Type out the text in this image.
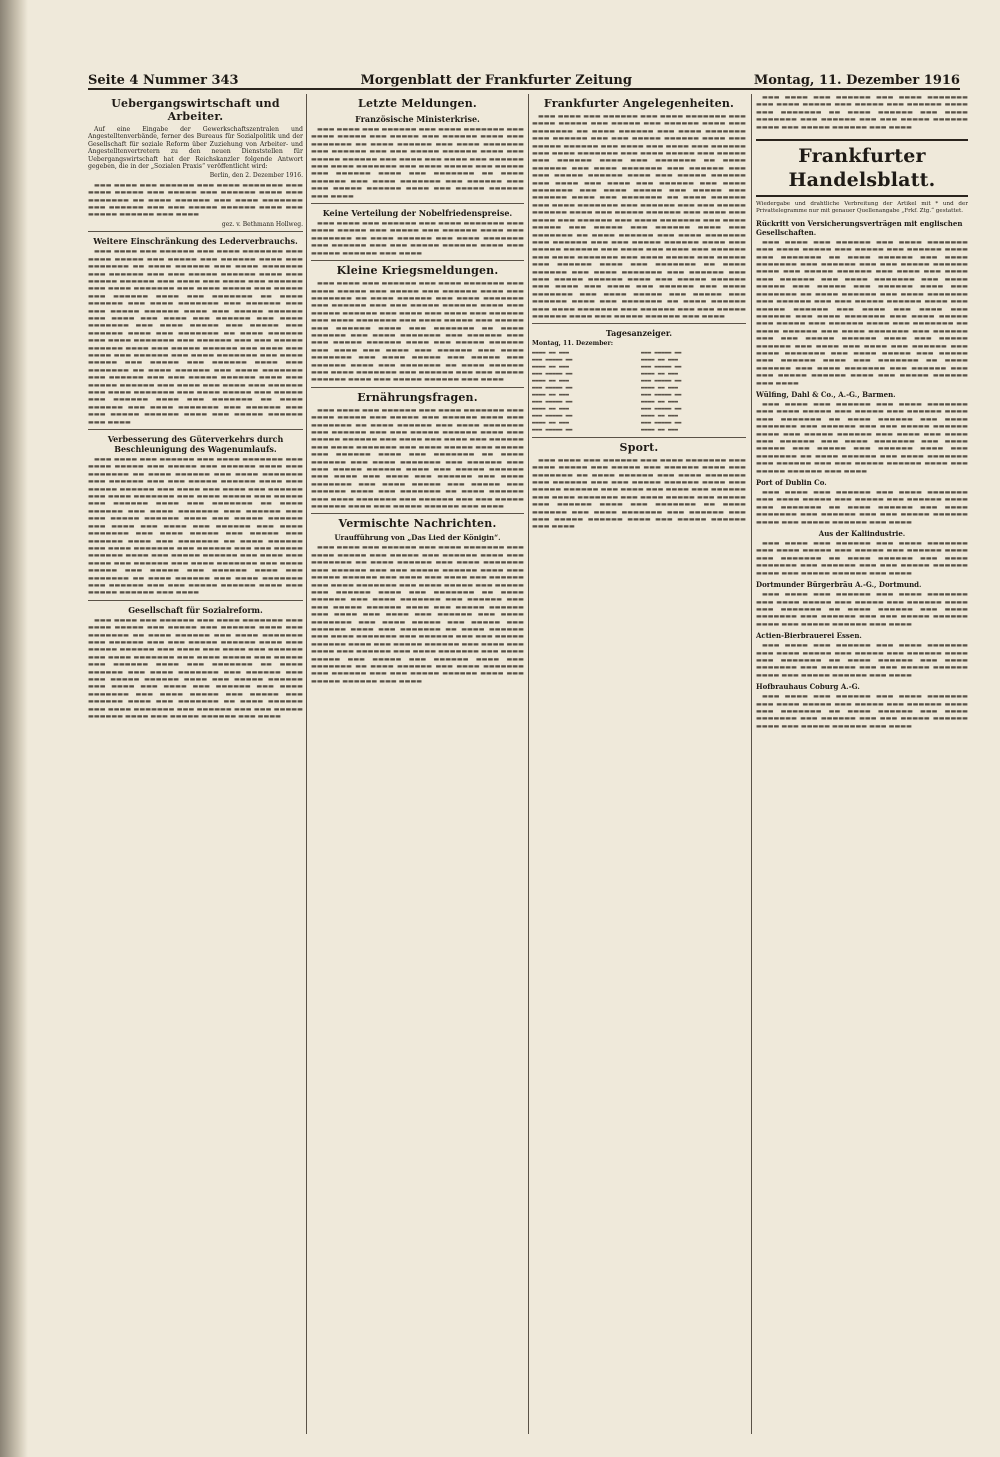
Seite 4 Nummer 343	Morgenblatt der Frankfurter Zeitung	Montag, 11. Dezember 1916
Uebergangswirtschaft und Arbeiter.

Auf eine Eingabe der Gewerkschaftszentralen und Angestelltenverbände, ferner des Bureaus für Sozialpolitik und der Gesellschaft für soziale Reform über Zuziehung von Arbeiter- und Angestelltenvertretern zu den neuen Dienststellen für Uebergangswirtschaft hat der Reichskanzler folgende Antwort gegeben, die in der „Sozialen Praxis“ veröffentlicht wird:

Berlin, den 2. Dezember 1916.

▬▬▬ ▬▬▬▬ ▬▬▬ ▬▬▬▬▬▬ ▬▬▬ ▬▬▬▬ ▬▬▬▬▬▬▬ ▬▬▬ ▬▬▬▬ ▬▬▬▬▬ ▬▬▬ ▬▬▬▬▬ ▬▬▬ ▬▬▬▬▬▬ ▬▬▬▬ ▬▬▬ ▬▬▬▬▬▬▬ ▬▬ ▬▬▬▬ ▬▬▬▬▬▬ ▬▬▬ ▬▬▬▬ ▬▬▬▬▬▬▬ ▬▬▬ ▬▬▬▬▬▬ ▬▬▬ ▬▬▬ ▬▬▬▬▬ ▬▬▬▬▬▬ ▬▬▬▬ ▬▬▬ ▬▬▬▬▬ ▬▬▬▬▬▬ ▬▬▬ ▬▬▬▬

gez. v. Bethmann Hollweg.

Weitere Einschränkung des Lederverbrauchs.

▬▬▬ ▬▬▬▬ ▬▬▬ ▬▬▬▬▬▬ ▬▬▬ ▬▬▬▬ ▬▬▬▬▬▬▬ ▬▬▬ ▬▬▬▬ ▬▬▬▬▬ ▬▬▬ ▬▬▬▬▬ ▬▬▬ ▬▬▬▬▬▬ ▬▬▬▬ ▬▬▬ ▬▬▬▬▬▬▬ ▬▬ ▬▬▬▬ ▬▬▬▬▬▬ ▬▬▬ ▬▬▬▬ ▬▬▬▬▬▬▬ ▬▬▬ ▬▬▬▬▬▬ ▬▬▬ ▬▬▬ ▬▬▬▬▬ ▬▬▬▬▬▬ ▬▬▬▬ ▬▬▬ ▬▬▬▬▬ ▬▬▬▬▬▬ ▬▬▬ ▬▬▬▬ ▬▬▬ ▬▬▬▬ ▬▬▬ ▬▬▬▬▬▬ ▬▬▬ ▬▬▬▬ ▬▬▬▬▬▬▬ ▬▬▬ ▬▬▬▬ ▬▬▬▬▬ ▬▬▬ ▬▬▬▬▬ ▬▬▬ ▬▬▬▬▬▬ ▬▬▬▬ ▬▬▬ ▬▬▬▬▬▬▬ ▬▬ ▬▬▬▬ ▬▬▬▬▬▬ ▬▬▬ ▬▬▬▬ ▬▬▬▬▬▬▬ ▬▬▬ ▬▬▬▬▬▬ ▬▬▬ ▬▬▬ ▬▬▬▬▬ ▬▬▬▬▬▬ ▬▬▬▬ ▬▬▬ ▬▬▬▬▬ ▬▬▬▬▬▬ ▬▬▬ ▬▬▬▬ ▬▬▬ ▬▬▬▬ ▬▬▬ ▬▬▬▬▬▬ ▬▬▬ ▬▬▬▬ ▬▬▬▬▬▬▬ ▬▬▬ ▬▬▬▬ ▬▬▬▬▬ ▬▬▬ ▬▬▬▬▬ ▬▬▬ ▬▬▬▬▬▬ ▬▬▬▬ ▬▬▬ ▬▬▬▬▬▬▬ ▬▬ ▬▬▬▬ ▬▬▬▬▬▬ ▬▬▬ ▬▬▬▬ ▬▬▬▬▬▬▬ ▬▬▬ ▬▬▬▬▬▬ ▬▬▬ ▬▬▬ ▬▬▬▬▬ ▬▬▬▬▬▬ ▬▬▬▬ ▬▬▬ ▬▬▬▬▬ ▬▬▬▬▬▬ ▬▬▬ ▬▬▬▬ ▬▬▬ ▬▬▬▬ ▬▬▬ ▬▬▬▬▬▬ ▬▬▬ ▬▬▬▬ ▬▬▬▬▬▬▬ ▬▬▬ ▬▬▬▬ ▬▬▬▬▬ ▬▬▬ ▬▬▬▬▬ ▬▬▬ ▬▬▬▬▬▬ ▬▬▬▬ ▬▬▬ ▬▬▬▬▬▬▬ ▬▬ ▬▬▬▬ ▬▬▬▬▬▬ ▬▬▬ ▬▬▬▬ ▬▬▬▬▬▬▬ ▬▬▬ ▬▬▬▬▬▬ ▬▬▬ ▬▬▬ ▬▬▬▬▬ ▬▬▬▬▬▬ ▬▬▬▬ ▬▬▬ ▬▬▬▬▬ ▬▬▬▬▬▬ ▬▬▬ ▬▬▬▬ ▬▬▬ ▬▬▬▬ ▬▬▬ ▬▬▬▬▬▬ ▬▬▬ ▬▬▬▬ ▬▬▬▬▬▬▬ ▬▬▬ ▬▬▬▬ ▬▬▬▬▬ ▬▬▬ ▬▬▬▬▬ ▬▬▬ ▬▬▬▬▬▬ ▬▬▬▬ ▬▬▬ ▬▬▬▬▬▬▬ ▬▬ ▬▬▬▬ ▬▬▬▬▬▬ ▬▬▬ ▬▬▬▬ ▬▬▬▬▬▬▬ ▬▬▬ ▬▬▬▬▬▬ ▬▬▬ ▬▬▬ ▬▬▬▬▬ ▬▬▬▬▬▬ ▬▬▬▬ ▬▬▬ ▬▬▬▬▬ ▬▬▬▬▬▬ ▬▬▬ ▬▬▬▬

Verbesserung des Güterverkehrs durch Beschleunigung des Wagenumlaufs.

▬▬▬ ▬▬▬▬ ▬▬▬ ▬▬▬▬▬▬ ▬▬▬ ▬▬▬▬ ▬▬▬▬▬▬▬ ▬▬▬ ▬▬▬▬ ▬▬▬▬▬ ▬▬▬ ▬▬▬▬▬ ▬▬▬ ▬▬▬▬▬▬ ▬▬▬▬ ▬▬▬ ▬▬▬▬▬▬▬ ▬▬ ▬▬▬▬ ▬▬▬▬▬▬ ▬▬▬ ▬▬▬▬ ▬▬▬▬▬▬▬ ▬▬▬ ▬▬▬▬▬▬ ▬▬▬ ▬▬▬ ▬▬▬▬▬ ▬▬▬▬▬▬ ▬▬▬▬ ▬▬▬ ▬▬▬▬▬ ▬▬▬▬▬▬ ▬▬▬ ▬▬▬▬ ▬▬▬ ▬▬▬▬ ▬▬▬ ▬▬▬▬▬▬ ▬▬▬ ▬▬▬▬ ▬▬▬▬▬▬▬ ▬▬▬ ▬▬▬▬ ▬▬▬▬▬ ▬▬▬ ▬▬▬▬▬ ▬▬▬ ▬▬▬▬▬▬ ▬▬▬▬ ▬▬▬ ▬▬▬▬▬▬▬ ▬▬ ▬▬▬▬ ▬▬▬▬▬▬ ▬▬▬ ▬▬▬▬ ▬▬▬▬▬▬▬ ▬▬▬ ▬▬▬▬▬▬ ▬▬▬ ▬▬▬ ▬▬▬▬▬ ▬▬▬▬▬▬ ▬▬▬▬ ▬▬▬ ▬▬▬▬▬ ▬▬▬▬▬▬ ▬▬▬ ▬▬▬▬ ▬▬▬ ▬▬▬▬ ▬▬▬ ▬▬▬▬▬▬ ▬▬▬ ▬▬▬▬ ▬▬▬▬▬▬▬ ▬▬▬ ▬▬▬▬ ▬▬▬▬▬ ▬▬▬ ▬▬▬▬▬ ▬▬▬ ▬▬▬▬▬▬ ▬▬▬▬ ▬▬▬ ▬▬▬▬▬▬▬ ▬▬ ▬▬▬▬ ▬▬▬▬▬▬ ▬▬▬ ▬▬▬▬ ▬▬▬▬▬▬▬ ▬▬▬ ▬▬▬▬▬▬ ▬▬▬ ▬▬▬ ▬▬▬▬▬ ▬▬▬▬▬▬ ▬▬▬▬ ▬▬▬ ▬▬▬▬▬ ▬▬▬▬▬▬ ▬▬▬ ▬▬▬▬ ▬▬▬ ▬▬▬▬ ▬▬▬ ▬▬▬▬▬▬ ▬▬▬ ▬▬▬▬ ▬▬▬▬▬▬▬ ▬▬▬ ▬▬▬▬ ▬▬▬▬▬ ▬▬▬ ▬▬▬▬▬ ▬▬▬ ▬▬▬▬▬▬ ▬▬▬▬ ▬▬▬ ▬▬▬▬▬▬▬ ▬▬ ▬▬▬▬ ▬▬▬▬▬▬ ▬▬▬ ▬▬▬▬ ▬▬▬▬▬▬▬ ▬▬▬ ▬▬▬▬▬▬ ▬▬▬ ▬▬▬ ▬▬▬▬▬ ▬▬▬▬▬▬ ▬▬▬▬ ▬▬▬ ▬▬▬▬▬ ▬▬▬▬▬▬ ▬▬▬ ▬▬▬▬

Gesellschaft für Sozialreform.

▬▬▬ ▬▬▬▬ ▬▬▬ ▬▬▬▬▬▬ ▬▬▬ ▬▬▬▬ ▬▬▬▬▬▬▬ ▬▬▬ ▬▬▬▬ ▬▬▬▬▬ ▬▬▬ ▬▬▬▬▬ ▬▬▬ ▬▬▬▬▬▬ ▬▬▬▬ ▬▬▬ ▬▬▬▬▬▬▬ ▬▬ ▬▬▬▬ ▬▬▬▬▬▬ ▬▬▬ ▬▬▬▬ ▬▬▬▬▬▬▬ ▬▬▬ ▬▬▬▬▬▬ ▬▬▬ ▬▬▬ ▬▬▬▬▬ ▬▬▬▬▬▬ ▬▬▬▬ ▬▬▬ ▬▬▬▬▬ ▬▬▬▬▬▬ ▬▬▬ ▬▬▬▬ ▬▬▬ ▬▬▬▬ ▬▬▬ ▬▬▬▬▬▬ ▬▬▬ ▬▬▬▬ ▬▬▬▬▬▬▬ ▬▬▬ ▬▬▬▬ ▬▬▬▬▬ ▬▬▬ ▬▬▬▬▬ ▬▬▬ ▬▬▬▬▬▬ ▬▬▬▬ ▬▬▬ ▬▬▬▬▬▬▬ ▬▬ ▬▬▬▬ ▬▬▬▬▬▬ ▬▬▬ ▬▬▬▬ ▬▬▬▬▬▬▬ ▬▬▬ ▬▬▬▬▬▬ ▬▬▬ ▬▬▬ ▬▬▬▬▬ ▬▬▬▬▬▬ ▬▬▬▬ ▬▬▬ ▬▬▬▬▬ ▬▬▬▬▬▬ ▬▬▬ ▬▬▬▬ ▬▬▬ ▬▬▬▬ ▬▬▬ ▬▬▬▬▬▬ ▬▬▬ ▬▬▬▬ ▬▬▬▬▬▬▬ ▬▬▬ ▬▬▬▬ ▬▬▬▬▬ ▬▬▬ ▬▬▬▬▬ ▬▬▬ ▬▬▬▬▬▬ ▬▬▬▬ ▬▬▬ ▬▬▬▬▬▬▬ ▬▬ ▬▬▬▬ ▬▬▬▬▬▬ ▬▬▬ ▬▬▬▬ ▬▬▬▬▬▬▬ ▬▬▬ ▬▬▬▬▬▬ ▬▬▬ ▬▬▬ ▬▬▬▬▬ ▬▬▬▬▬▬ ▬▬▬▬ ▬▬▬ ▬▬▬▬▬ ▬▬▬▬▬▬ ▬▬▬ ▬▬▬▬

Letzte Meldungen.
Französische Ministerkrise.

▬▬▬ ▬▬▬▬ ▬▬▬ ▬▬▬▬▬▬ ▬▬▬ ▬▬▬▬ ▬▬▬▬▬▬▬ ▬▬▬ ▬▬▬▬ ▬▬▬▬▬ ▬▬▬ ▬▬▬▬▬ ▬▬▬ ▬▬▬▬▬▬ ▬▬▬▬ ▬▬▬ ▬▬▬▬▬▬▬ ▬▬ ▬▬▬▬ ▬▬▬▬▬▬ ▬▬▬ ▬▬▬▬ ▬▬▬▬▬▬▬ ▬▬▬ ▬▬▬▬▬▬ ▬▬▬ ▬▬▬ ▬▬▬▬▬ ▬▬▬▬▬▬ ▬▬▬▬ ▬▬▬ ▬▬▬▬▬ ▬▬▬▬▬▬ ▬▬▬ ▬▬▬▬ ▬▬▬ ▬▬▬▬ ▬▬▬ ▬▬▬▬▬▬ ▬▬▬ ▬▬▬▬ ▬▬▬▬▬▬▬ ▬▬▬ ▬▬▬▬ ▬▬▬▬▬ ▬▬▬ ▬▬▬▬▬ ▬▬▬ ▬▬▬▬▬▬ ▬▬▬▬ ▬▬▬ ▬▬▬▬▬▬▬ ▬▬ ▬▬▬▬ ▬▬▬▬▬▬ ▬▬▬ ▬▬▬▬ ▬▬▬▬▬▬▬ ▬▬▬ ▬▬▬▬▬▬ ▬▬▬ ▬▬▬ ▬▬▬▬▬ ▬▬▬▬▬▬ ▬▬▬▬ ▬▬▬ ▬▬▬▬▬ ▬▬▬▬▬▬ ▬▬▬ ▬▬▬▬

Keine Verteilung der Nobelfriedenspreise.

▬▬▬ ▬▬▬▬ ▬▬▬ ▬▬▬▬▬▬ ▬▬▬ ▬▬▬▬ ▬▬▬▬▬▬▬ ▬▬▬ ▬▬▬▬ ▬▬▬▬▬ ▬▬▬ ▬▬▬▬▬ ▬▬▬ ▬▬▬▬▬▬ ▬▬▬▬ ▬▬▬ ▬▬▬▬▬▬▬ ▬▬ ▬▬▬▬ ▬▬▬▬▬▬ ▬▬▬ ▬▬▬▬ ▬▬▬▬▬▬▬ ▬▬▬ ▬▬▬▬▬▬ ▬▬▬ ▬▬▬ ▬▬▬▬▬ ▬▬▬▬▬▬ ▬▬▬▬ ▬▬▬ ▬▬▬▬▬ ▬▬▬▬▬▬ ▬▬▬ ▬▬▬▬

Kleine Kriegsmeldungen.

▬▬▬ ▬▬▬▬ ▬▬▬ ▬▬▬▬▬▬ ▬▬▬ ▬▬▬▬ ▬▬▬▬▬▬▬ ▬▬▬ ▬▬▬▬ ▬▬▬▬▬ ▬▬▬ ▬▬▬▬▬ ▬▬▬ ▬▬▬▬▬▬ ▬▬▬▬ ▬▬▬ ▬▬▬▬▬▬▬ ▬▬ ▬▬▬▬ ▬▬▬▬▬▬ ▬▬▬ ▬▬▬▬ ▬▬▬▬▬▬▬ ▬▬▬ ▬▬▬▬▬▬ ▬▬▬ ▬▬▬ ▬▬▬▬▬ ▬▬▬▬▬▬ ▬▬▬▬ ▬▬▬ ▬▬▬▬▬ ▬▬▬▬▬▬ ▬▬▬ ▬▬▬▬ ▬▬▬ ▬▬▬▬ ▬▬▬ ▬▬▬▬▬▬ ▬▬▬ ▬▬▬▬ ▬▬▬▬▬▬▬ ▬▬▬ ▬▬▬▬ ▬▬▬▬▬ ▬▬▬ ▬▬▬▬▬ ▬▬▬ ▬▬▬▬▬▬ ▬▬▬▬ ▬▬▬ ▬▬▬▬▬▬▬ ▬▬ ▬▬▬▬ ▬▬▬▬▬▬ ▬▬▬ ▬▬▬▬ ▬▬▬▬▬▬▬ ▬▬▬ ▬▬▬▬▬▬ ▬▬▬ ▬▬▬ ▬▬▬▬▬ ▬▬▬▬▬▬ ▬▬▬▬ ▬▬▬ ▬▬▬▬▬ ▬▬▬▬▬▬ ▬▬▬ ▬▬▬▬ ▬▬▬ ▬▬▬▬ ▬▬▬ ▬▬▬▬▬▬ ▬▬▬ ▬▬▬▬ ▬▬▬▬▬▬▬ ▬▬▬ ▬▬▬▬ ▬▬▬▬▬ ▬▬▬ ▬▬▬▬▬ ▬▬▬ ▬▬▬▬▬▬ ▬▬▬▬ ▬▬▬ ▬▬▬▬▬▬▬ ▬▬ ▬▬▬▬ ▬▬▬▬▬▬ ▬▬▬ ▬▬▬▬ ▬▬▬▬▬▬▬ ▬▬▬ ▬▬▬▬▬▬ ▬▬▬ ▬▬▬ ▬▬▬▬▬ ▬▬▬▬▬▬ ▬▬▬▬ ▬▬▬ ▬▬▬▬▬ ▬▬▬▬▬▬ ▬▬▬ ▬▬▬▬

Ernährungsfragen.

▬▬▬ ▬▬▬▬ ▬▬▬ ▬▬▬▬▬▬ ▬▬▬ ▬▬▬▬ ▬▬▬▬▬▬▬ ▬▬▬ ▬▬▬▬ ▬▬▬▬▬ ▬▬▬ ▬▬▬▬▬ ▬▬▬ ▬▬▬▬▬▬ ▬▬▬▬ ▬▬▬ ▬▬▬▬▬▬▬ ▬▬ ▬▬▬▬ ▬▬▬▬▬▬ ▬▬▬ ▬▬▬▬ ▬▬▬▬▬▬▬ ▬▬▬ ▬▬▬▬▬▬ ▬▬▬ ▬▬▬ ▬▬▬▬▬ ▬▬▬▬▬▬ ▬▬▬▬ ▬▬▬ ▬▬▬▬▬ ▬▬▬▬▬▬ ▬▬▬ ▬▬▬▬ ▬▬▬ ▬▬▬▬ ▬▬▬ ▬▬▬▬▬▬ ▬▬▬ ▬▬▬▬ ▬▬▬▬▬▬▬ ▬▬▬ ▬▬▬▬ ▬▬▬▬▬ ▬▬▬ ▬▬▬▬▬ ▬▬▬ ▬▬▬▬▬▬ ▬▬▬▬ ▬▬▬ ▬▬▬▬▬▬▬ ▬▬ ▬▬▬▬ ▬▬▬▬▬▬ ▬▬▬ ▬▬▬▬ ▬▬▬▬▬▬▬ ▬▬▬ ▬▬▬▬▬▬ ▬▬▬ ▬▬▬ ▬▬▬▬▬ ▬▬▬▬▬▬ ▬▬▬▬ ▬▬▬ ▬▬▬▬▬ ▬▬▬▬▬▬ ▬▬▬ ▬▬▬▬ ▬▬▬ ▬▬▬▬ ▬▬▬ ▬▬▬▬▬▬ ▬▬▬ ▬▬▬▬ ▬▬▬▬▬▬▬ ▬▬▬ ▬▬▬▬ ▬▬▬▬▬ ▬▬▬ ▬▬▬▬▬ ▬▬▬ ▬▬▬▬▬▬ ▬▬▬▬ ▬▬▬ ▬▬▬▬▬▬▬ ▬▬ ▬▬▬▬ ▬▬▬▬▬▬ ▬▬▬ ▬▬▬▬ ▬▬▬▬▬▬▬ ▬▬▬ ▬▬▬▬▬▬ ▬▬▬ ▬▬▬ ▬▬▬▬▬ ▬▬▬▬▬▬ ▬▬▬▬ ▬▬▬ ▬▬▬▬▬ ▬▬▬▬▬▬ ▬▬▬ ▬▬▬▬

Vermischte Nachrichten.
Uraufführung von „Das Lied der Königin“.

▬▬▬ ▬▬▬▬ ▬▬▬ ▬▬▬▬▬▬ ▬▬▬ ▬▬▬▬ ▬▬▬▬▬▬▬ ▬▬▬ ▬▬▬▬ ▬▬▬▬▬ ▬▬▬ ▬▬▬▬▬ ▬▬▬ ▬▬▬▬▬▬ ▬▬▬▬ ▬▬▬ ▬▬▬▬▬▬▬ ▬▬ ▬▬▬▬ ▬▬▬▬▬▬ ▬▬▬ ▬▬▬▬ ▬▬▬▬▬▬▬ ▬▬▬ ▬▬▬▬▬▬ ▬▬▬ ▬▬▬ ▬▬▬▬▬ ▬▬▬▬▬▬ ▬▬▬▬ ▬▬▬ ▬▬▬▬▬ ▬▬▬▬▬▬ ▬▬▬ ▬▬▬▬ ▬▬▬ ▬▬▬▬ ▬▬▬ ▬▬▬▬▬▬ ▬▬▬ ▬▬▬▬ ▬▬▬▬▬▬▬ ▬▬▬ ▬▬▬▬ ▬▬▬▬▬ ▬▬▬ ▬▬▬▬▬ ▬▬▬ ▬▬▬▬▬▬ ▬▬▬▬ ▬▬▬ ▬▬▬▬▬▬▬ ▬▬ ▬▬▬▬ ▬▬▬▬▬▬ ▬▬▬ ▬▬▬▬ ▬▬▬▬▬▬▬ ▬▬▬ ▬▬▬▬▬▬ ▬▬▬ ▬▬▬ ▬▬▬▬▬ ▬▬▬▬▬▬ ▬▬▬▬ ▬▬▬ ▬▬▬▬▬ ▬▬▬▬▬▬ ▬▬▬ ▬▬▬▬ ▬▬▬ ▬▬▬▬ ▬▬▬ ▬▬▬▬▬▬ ▬▬▬ ▬▬▬▬ ▬▬▬▬▬▬▬ ▬▬▬ ▬▬▬▬ ▬▬▬▬▬ ▬▬▬ ▬▬▬▬▬ ▬▬▬ ▬▬▬▬▬▬ ▬▬▬▬ ▬▬▬ ▬▬▬▬▬▬▬ ▬▬ ▬▬▬▬ ▬▬▬▬▬▬ ▬▬▬ ▬▬▬▬ ▬▬▬▬▬▬▬ ▬▬▬ ▬▬▬▬▬▬ ▬▬▬ ▬▬▬ ▬▬▬▬▬ ▬▬▬▬▬▬ ▬▬▬▬ ▬▬▬ ▬▬▬▬▬ ▬▬▬▬▬▬ ▬▬▬ ▬▬▬▬ ▬▬▬ ▬▬▬▬ ▬▬▬ ▬▬▬▬▬▬ ▬▬▬ ▬▬▬▬ ▬▬▬▬▬▬▬ ▬▬▬ ▬▬▬▬ ▬▬▬▬▬ ▬▬▬ ▬▬▬▬▬ ▬▬▬ ▬▬▬▬▬▬ ▬▬▬▬ ▬▬▬ ▬▬▬▬▬▬▬ ▬▬ ▬▬▬▬ ▬▬▬▬▬▬ ▬▬▬ ▬▬▬▬ ▬▬▬▬▬▬▬ ▬▬▬ ▬▬▬▬▬▬ ▬▬▬ ▬▬▬ ▬▬▬▬▬ ▬▬▬▬▬▬ ▬▬▬▬ ▬▬▬ ▬▬▬▬▬ ▬▬▬▬▬▬ ▬▬▬ ▬▬▬▬

Frankfurter Angelegenheiten.

▬▬▬ ▬▬▬▬ ▬▬▬ ▬▬▬▬▬▬ ▬▬▬ ▬▬▬▬ ▬▬▬▬▬▬▬ ▬▬▬ ▬▬▬▬ ▬▬▬▬▬ ▬▬▬ ▬▬▬▬▬ ▬▬▬ ▬▬▬▬▬▬ ▬▬▬▬ ▬▬▬ ▬▬▬▬▬▬▬ ▬▬ ▬▬▬▬ ▬▬▬▬▬▬ ▬▬▬ ▬▬▬▬ ▬▬▬▬▬▬▬ ▬▬▬ ▬▬▬▬▬▬ ▬▬▬ ▬▬▬ ▬▬▬▬▬ ▬▬▬▬▬▬ ▬▬▬▬ ▬▬▬ ▬▬▬▬▬ ▬▬▬▬▬▬ ▬▬▬ ▬▬▬▬ ▬▬▬ ▬▬▬▬ ▬▬▬ ▬▬▬▬▬▬ ▬▬▬ ▬▬▬▬ ▬▬▬▬▬▬▬ ▬▬▬ ▬▬▬▬ ▬▬▬▬▬ ▬▬▬ ▬▬▬▬▬ ▬▬▬ ▬▬▬▬▬▬ ▬▬▬▬ ▬▬▬ ▬▬▬▬▬▬▬ ▬▬ ▬▬▬▬ ▬▬▬▬▬▬ ▬▬▬ ▬▬▬▬ ▬▬▬▬▬▬▬ ▬▬▬ ▬▬▬▬▬▬ ▬▬▬ ▬▬▬ ▬▬▬▬▬ ▬▬▬▬▬▬ ▬▬▬▬ ▬▬▬ ▬▬▬▬▬ ▬▬▬▬▬▬ ▬▬▬ ▬▬▬▬ ▬▬▬ ▬▬▬▬ ▬▬▬ ▬▬▬▬▬▬ ▬▬▬ ▬▬▬▬ ▬▬▬▬▬▬▬ ▬▬▬ ▬▬▬▬ ▬▬▬▬▬ ▬▬▬ ▬▬▬▬▬ ▬▬▬ ▬▬▬▬▬▬ ▬▬▬▬ ▬▬▬ ▬▬▬▬▬▬▬ ▬▬ ▬▬▬▬ ▬▬▬▬▬▬ ▬▬▬ ▬▬▬▬ ▬▬▬▬▬▬▬ ▬▬▬ ▬▬▬▬▬▬ ▬▬▬ ▬▬▬ ▬▬▬▬▬ ▬▬▬▬▬▬ ▬▬▬▬ ▬▬▬ ▬▬▬▬▬ ▬▬▬▬▬▬ ▬▬▬ ▬▬▬▬ ▬▬▬ ▬▬▬▬ ▬▬▬ ▬▬▬▬▬▬ ▬▬▬ ▬▬▬▬ ▬▬▬▬▬▬▬ ▬▬▬ ▬▬▬▬ ▬▬▬▬▬ ▬▬▬ ▬▬▬▬▬ ▬▬▬ ▬▬▬▬▬▬ ▬▬▬▬ ▬▬▬ ▬▬▬▬▬▬▬ ▬▬ ▬▬▬▬ ▬▬▬▬▬▬ ▬▬▬ ▬▬▬▬ ▬▬▬▬▬▬▬ ▬▬▬ ▬▬▬▬▬▬ ▬▬▬ ▬▬▬ ▬▬▬▬▬ ▬▬▬▬▬▬ ▬▬▬▬ ▬▬▬ ▬▬▬▬▬ ▬▬▬▬▬▬ ▬▬▬ ▬▬▬▬ ▬▬▬ ▬▬▬▬ ▬▬▬ ▬▬▬▬▬▬ ▬▬▬ ▬▬▬▬ ▬▬▬▬▬▬▬ ▬▬▬ ▬▬▬▬ ▬▬▬▬▬ ▬▬▬ ▬▬▬▬▬ ▬▬▬ ▬▬▬▬▬▬ ▬▬▬▬ ▬▬▬ ▬▬▬▬▬▬▬ ▬▬ ▬▬▬▬ ▬▬▬▬▬▬ ▬▬▬ ▬▬▬▬ ▬▬▬▬▬▬▬ ▬▬▬ ▬▬▬▬▬▬ ▬▬▬ ▬▬▬ ▬▬▬▬▬ ▬▬▬▬▬▬ ▬▬▬▬ ▬▬▬ ▬▬▬▬▬ ▬▬▬▬▬▬ ▬▬▬ ▬▬▬▬ ▬▬▬ ▬▬▬▬ ▬▬▬ ▬▬▬▬▬▬ ▬▬▬ ▬▬▬▬ ▬▬▬▬▬▬▬ ▬▬▬ ▬▬▬▬ ▬▬▬▬▬ ▬▬▬ ▬▬▬▬▬ ▬▬▬ ▬▬▬▬▬▬ ▬▬▬▬ ▬▬▬ ▬▬▬▬▬▬▬ ▬▬ ▬▬▬▬ ▬▬▬▬▬▬ ▬▬▬ ▬▬▬▬ ▬▬▬▬▬▬▬ ▬▬▬ ▬▬▬▬▬▬ ▬▬▬ ▬▬▬ ▬▬▬▬▬ ▬▬▬▬▬▬ ▬▬▬▬ ▬▬▬ ▬▬▬▬▬ ▬▬▬▬▬▬ ▬▬▬ ▬▬▬▬

Tagesanzeiger.

Montag, 11. Dezember:

▬▬▬▬ ▬▬ ▬▬▬
▬▬▬ ▬▬▬▬▬ ▬▬
▬▬▬▬ ▬▬ ▬▬▬
▬▬▬ ▬▬▬▬▬ ▬▬
▬▬▬▬ ▬▬ ▬▬▬
▬▬▬ ▬▬▬▬▬ ▬▬
▬▬▬▬ ▬▬ ▬▬▬
▬▬▬ ▬▬▬▬▬ ▬▬
▬▬▬▬ ▬▬ ▬▬▬
▬▬▬ ▬▬▬▬▬ ▬▬
▬▬▬▬ ▬▬ ▬▬▬
▬▬▬ ▬▬▬▬▬ ▬▬
▬▬▬ ▬▬▬▬▬ ▬▬
▬▬▬▬ ▬▬ ▬▬▬
▬▬▬ ▬▬▬▬▬ ▬▬
▬▬▬▬ ▬▬ ▬▬▬
▬▬▬ ▬▬▬▬▬ ▬▬
▬▬▬▬ ▬▬ ▬▬▬
▬▬▬ ▬▬▬▬▬ ▬▬
▬▬▬▬ ▬▬ ▬▬▬
▬▬▬ ▬▬▬▬▬ ▬▬
▬▬▬▬ ▬▬ ▬▬▬
▬▬▬ ▬▬▬▬▬ ▬▬
▬▬▬▬ ▬▬ ▬▬▬
Sport.

▬▬▬ ▬▬▬▬ ▬▬▬ ▬▬▬▬▬▬ ▬▬▬ ▬▬▬▬ ▬▬▬▬▬▬▬ ▬▬▬ ▬▬▬▬ ▬▬▬▬▬ ▬▬▬ ▬▬▬▬▬ ▬▬▬ ▬▬▬▬▬▬ ▬▬▬▬ ▬▬▬ ▬▬▬▬▬▬▬ ▬▬ ▬▬▬▬ ▬▬▬▬▬▬ ▬▬▬ ▬▬▬▬ ▬▬▬▬▬▬▬ ▬▬▬ ▬▬▬▬▬▬ ▬▬▬ ▬▬▬ ▬▬▬▬▬ ▬▬▬▬▬▬ ▬▬▬▬ ▬▬▬ ▬▬▬▬▬ ▬▬▬▬▬▬ ▬▬▬ ▬▬▬▬ ▬▬▬ ▬▬▬▬ ▬▬▬ ▬▬▬▬▬▬ ▬▬▬ ▬▬▬▬ ▬▬▬▬▬▬▬ ▬▬▬ ▬▬▬▬ ▬▬▬▬▬ ▬▬▬ ▬▬▬▬▬ ▬▬▬ ▬▬▬▬▬▬ ▬▬▬▬ ▬▬▬ ▬▬▬▬▬▬▬ ▬▬ ▬▬▬▬ ▬▬▬▬▬▬ ▬▬▬ ▬▬▬▬ ▬▬▬▬▬▬▬ ▬▬▬ ▬▬▬▬▬▬ ▬▬▬ ▬▬▬ ▬▬▬▬▬ ▬▬▬▬▬▬ ▬▬▬▬ ▬▬▬ ▬▬▬▬▬ ▬▬▬▬▬▬ ▬▬▬ ▬▬▬▬

▬▬▬ ▬▬▬▬ ▬▬▬ ▬▬▬▬▬▬ ▬▬▬ ▬▬▬▬ ▬▬▬▬▬▬▬ ▬▬▬ ▬▬▬▬ ▬▬▬▬▬ ▬▬▬ ▬▬▬▬▬ ▬▬▬ ▬▬▬▬▬▬ ▬▬▬▬ ▬▬▬ ▬▬▬▬▬▬▬ ▬▬ ▬▬▬▬ ▬▬▬▬▬▬ ▬▬▬ ▬▬▬▬ ▬▬▬▬▬▬▬ ▬▬▬ ▬▬▬▬▬▬ ▬▬▬ ▬▬▬ ▬▬▬▬▬ ▬▬▬▬▬▬ ▬▬▬▬ ▬▬▬ ▬▬▬▬▬ ▬▬▬▬▬▬ ▬▬▬ ▬▬▬▬

Frankfurter Handelsblatt.

Wiedergabe und drahtliche Verbreitung der Artikel mit * und der Privattelegramme nur mit genauer Quellenangabe „Frkf. Ztg.“ gestattet.

Rückritt von Versicherungsverträgen mit englischen Gesellschaften.

▬▬▬ ▬▬▬▬ ▬▬▬ ▬▬▬▬▬▬ ▬▬▬ ▬▬▬▬ ▬▬▬▬▬▬▬ ▬▬▬ ▬▬▬▬ ▬▬▬▬▬ ▬▬▬ ▬▬▬▬▬ ▬▬▬ ▬▬▬▬▬▬ ▬▬▬▬ ▬▬▬ ▬▬▬▬▬▬▬ ▬▬ ▬▬▬▬ ▬▬▬▬▬▬ ▬▬▬ ▬▬▬▬ ▬▬▬▬▬▬▬ ▬▬▬ ▬▬▬▬▬▬ ▬▬▬ ▬▬▬ ▬▬▬▬▬ ▬▬▬▬▬▬ ▬▬▬▬ ▬▬▬ ▬▬▬▬▬ ▬▬▬▬▬▬ ▬▬▬ ▬▬▬▬ ▬▬▬ ▬▬▬▬ ▬▬▬ ▬▬▬▬▬▬ ▬▬▬ ▬▬▬▬ ▬▬▬▬▬▬▬ ▬▬▬ ▬▬▬▬ ▬▬▬▬▬ ▬▬▬ ▬▬▬▬▬ ▬▬▬ ▬▬▬▬▬▬ ▬▬▬▬ ▬▬▬ ▬▬▬▬▬▬▬ ▬▬ ▬▬▬▬ ▬▬▬▬▬▬ ▬▬▬ ▬▬▬▬ ▬▬▬▬▬▬▬ ▬▬▬ ▬▬▬▬▬▬ ▬▬▬ ▬▬▬ ▬▬▬▬▬ ▬▬▬▬▬▬ ▬▬▬▬ ▬▬▬ ▬▬▬▬▬ ▬▬▬▬▬▬ ▬▬▬ ▬▬▬▬ ▬▬▬ ▬▬▬▬ ▬▬▬ ▬▬▬▬▬▬ ▬▬▬ ▬▬▬▬ ▬▬▬▬▬▬▬ ▬▬▬ ▬▬▬▬ ▬▬▬▬▬ ▬▬▬ ▬▬▬▬▬ ▬▬▬ ▬▬▬▬▬▬ ▬▬▬▬ ▬▬▬ ▬▬▬▬▬▬▬ ▬▬ ▬▬▬▬ ▬▬▬▬▬▬ ▬▬▬ ▬▬▬▬ ▬▬▬▬▬▬▬ ▬▬▬ ▬▬▬▬▬▬ ▬▬▬ ▬▬▬ ▬▬▬▬▬ ▬▬▬▬▬▬ ▬▬▬▬ ▬▬▬ ▬▬▬▬▬ ▬▬▬▬▬▬ ▬▬▬ ▬▬▬▬ ▬▬▬ ▬▬▬▬ ▬▬▬ ▬▬▬▬▬▬ ▬▬▬ ▬▬▬▬ ▬▬▬▬▬▬▬ ▬▬▬ ▬▬▬▬ ▬▬▬▬▬ ▬▬▬ ▬▬▬▬▬ ▬▬▬ ▬▬▬▬▬▬ ▬▬▬▬ ▬▬▬ ▬▬▬▬▬▬▬ ▬▬ ▬▬▬▬ ▬▬▬▬▬▬ ▬▬▬ ▬▬▬▬ ▬▬▬▬▬▬▬ ▬▬▬ ▬▬▬▬▬▬ ▬▬▬ ▬▬▬ ▬▬▬▬▬ ▬▬▬▬▬▬ ▬▬▬▬ ▬▬▬ ▬▬▬▬▬ ▬▬▬▬▬▬ ▬▬▬ ▬▬▬▬

Wülfing, Dahl & Co., A.-G., Barmen.

▬▬▬ ▬▬▬▬ ▬▬▬ ▬▬▬▬▬▬ ▬▬▬ ▬▬▬▬ ▬▬▬▬▬▬▬ ▬▬▬ ▬▬▬▬ ▬▬▬▬▬ ▬▬▬ ▬▬▬▬▬ ▬▬▬ ▬▬▬▬▬▬ ▬▬▬▬ ▬▬▬ ▬▬▬▬▬▬▬ ▬▬ ▬▬▬▬ ▬▬▬▬▬▬ ▬▬▬ ▬▬▬▬ ▬▬▬▬▬▬▬ ▬▬▬ ▬▬▬▬▬▬ ▬▬▬ ▬▬▬ ▬▬▬▬▬ ▬▬▬▬▬▬ ▬▬▬▬ ▬▬▬ ▬▬▬▬▬ ▬▬▬▬▬▬ ▬▬▬ ▬▬▬▬ ▬▬▬ ▬▬▬▬ ▬▬▬ ▬▬▬▬▬▬ ▬▬▬ ▬▬▬▬ ▬▬▬▬▬▬▬ ▬▬▬ ▬▬▬▬ ▬▬▬▬▬ ▬▬▬ ▬▬▬▬▬ ▬▬▬ ▬▬▬▬▬▬ ▬▬▬▬ ▬▬▬ ▬▬▬▬▬▬▬ ▬▬ ▬▬▬▬ ▬▬▬▬▬▬ ▬▬▬ ▬▬▬▬ ▬▬▬▬▬▬▬ ▬▬▬ ▬▬▬▬▬▬ ▬▬▬ ▬▬▬ ▬▬▬▬▬ ▬▬▬▬▬▬ ▬▬▬▬ ▬▬▬ ▬▬▬▬▬ ▬▬▬▬▬▬ ▬▬▬ ▬▬▬▬

Port of Dublin Co.

▬▬▬ ▬▬▬▬ ▬▬▬ ▬▬▬▬▬▬ ▬▬▬ ▬▬▬▬ ▬▬▬▬▬▬▬ ▬▬▬ ▬▬▬▬ ▬▬▬▬▬ ▬▬▬ ▬▬▬▬▬ ▬▬▬ ▬▬▬▬▬▬ ▬▬▬▬ ▬▬▬ ▬▬▬▬▬▬▬ ▬▬ ▬▬▬▬ ▬▬▬▬▬▬ ▬▬▬ ▬▬▬▬ ▬▬▬▬▬▬▬ ▬▬▬ ▬▬▬▬▬▬ ▬▬▬ ▬▬▬ ▬▬▬▬▬ ▬▬▬▬▬▬ ▬▬▬▬ ▬▬▬ ▬▬▬▬▬ ▬▬▬▬▬▬ ▬▬▬ ▬▬▬▬

Aus der Kaliindustrie.

▬▬▬ ▬▬▬▬ ▬▬▬ ▬▬▬▬▬▬ ▬▬▬ ▬▬▬▬ ▬▬▬▬▬▬▬ ▬▬▬ ▬▬▬▬ ▬▬▬▬▬ ▬▬▬ ▬▬▬▬▬ ▬▬▬ ▬▬▬▬▬▬ ▬▬▬▬ ▬▬▬ ▬▬▬▬▬▬▬ ▬▬ ▬▬▬▬ ▬▬▬▬▬▬ ▬▬▬ ▬▬▬▬ ▬▬▬▬▬▬▬ ▬▬▬ ▬▬▬▬▬▬ ▬▬▬ ▬▬▬ ▬▬▬▬▬ ▬▬▬▬▬▬ ▬▬▬▬ ▬▬▬ ▬▬▬▬▬ ▬▬▬▬▬▬ ▬▬▬ ▬▬▬▬

Dortmunder Bürgerbräu A.-G., Dortmund.

▬▬▬ ▬▬▬▬ ▬▬▬ ▬▬▬▬▬▬ ▬▬▬ ▬▬▬▬ ▬▬▬▬▬▬▬ ▬▬▬ ▬▬▬▬ ▬▬▬▬▬ ▬▬▬ ▬▬▬▬▬ ▬▬▬ ▬▬▬▬▬▬ ▬▬▬▬ ▬▬▬ ▬▬▬▬▬▬▬ ▬▬ ▬▬▬▬ ▬▬▬▬▬▬ ▬▬▬ ▬▬▬▬ ▬▬▬▬▬▬▬ ▬▬▬ ▬▬▬▬▬▬ ▬▬▬ ▬▬▬ ▬▬▬▬▬ ▬▬▬▬▬▬ ▬▬▬▬ ▬▬▬ ▬▬▬▬▬ ▬▬▬▬▬▬ ▬▬▬ ▬▬▬▬

Actien-Bierbrauerei Essen.

▬▬▬ ▬▬▬▬ ▬▬▬ ▬▬▬▬▬▬ ▬▬▬ ▬▬▬▬ ▬▬▬▬▬▬▬ ▬▬▬ ▬▬▬▬ ▬▬▬▬▬ ▬▬▬ ▬▬▬▬▬ ▬▬▬ ▬▬▬▬▬▬ ▬▬▬▬ ▬▬▬ ▬▬▬▬▬▬▬ ▬▬ ▬▬▬▬ ▬▬▬▬▬▬ ▬▬▬ ▬▬▬▬ ▬▬▬▬▬▬▬ ▬▬▬ ▬▬▬▬▬▬ ▬▬▬ ▬▬▬ ▬▬▬▬▬ ▬▬▬▬▬▬ ▬▬▬▬ ▬▬▬ ▬▬▬▬▬ ▬▬▬▬▬▬ ▬▬▬ ▬▬▬▬

Hofbrauhaus Coburg A.-G.

▬▬▬ ▬▬▬▬ ▬▬▬ ▬▬▬▬▬▬ ▬▬▬ ▬▬▬▬ ▬▬▬▬▬▬▬ ▬▬▬ ▬▬▬▬ ▬▬▬▬▬ ▬▬▬ ▬▬▬▬▬ ▬▬▬ ▬▬▬▬▬▬ ▬▬▬▬ ▬▬▬ ▬▬▬▬▬▬▬ ▬▬ ▬▬▬▬ ▬▬▬▬▬▬ ▬▬▬ ▬▬▬▬ ▬▬▬▬▬▬▬ ▬▬▬ ▬▬▬▬▬▬ ▬▬▬ ▬▬▬ ▬▬▬▬▬ ▬▬▬▬▬▬ ▬▬▬▬ ▬▬▬ ▬▬▬▬▬ ▬▬▬▬▬▬ ▬▬▬ ▬▬▬▬
